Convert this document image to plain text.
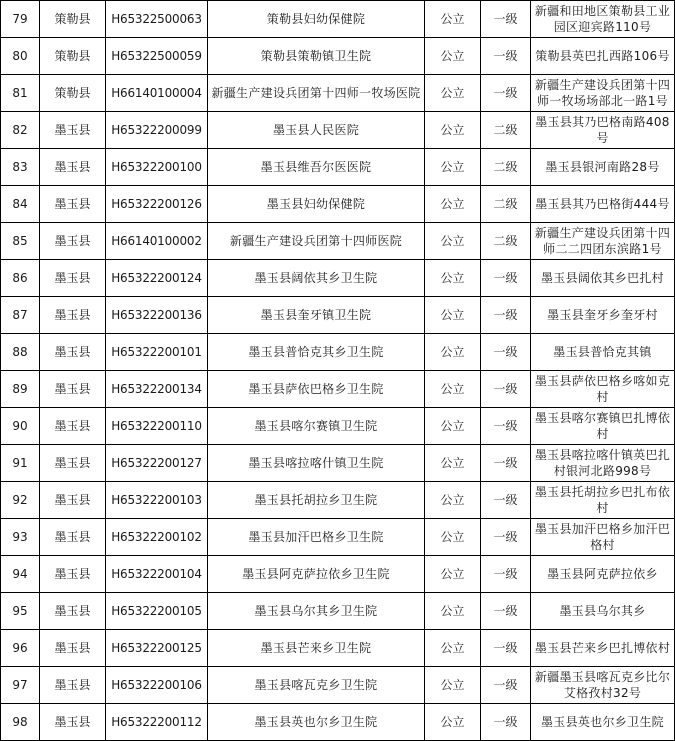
79	策勒县	H65322500063	策勒县妇幼保健院	公立	一级	新疆和田地区策勒县工业园区迎宾路110号
80	策勒县	H65322500059	策勒县策勒镇卫生院	公立	一级	策勒县英巴扎西路106号
81	策勒县	H66140100004	新疆生产建设兵团第十四师一牧场医院	公立	一级	新疆生产建设兵团第十四师一牧场场部北一路1号
82	墨玉县	H65322200099	墨玉县人民医院	公立	二级	墨玉县其乃巴格南路408号
83	墨玉县	H65322200100	墨玉县维吾尔医医院	公立	二级	墨玉县银河南路28号
84	墨玉县	H65322200126	墨玉县妇幼保健院	公立	二级	墨玉县其乃巴格街444号
85	墨玉县	H66140100002	新疆生产建设兵团第十四师医院	公立	二级	新疆生产建设兵团第十四师二二四团东滨路1号
86	墨玉县	H65322200124	墨玉县阔依其乡卫生院	公立	一级	墨玉县阔依其乡巴扎村
87	墨玉县	H65322200136	墨玉县奎牙镇卫生院	公立	一级	墨玉县奎牙乡奎牙村
88	墨玉县	H65322200101	墨玉县普恰克其乡卫生院	公立	一级	墨玉县普恰克其镇
89	墨玉县	H65322200134	墨玉县萨依巴格乡卫生院	公立	一级	墨玉县萨依巴格乡喀如克村
90	墨玉县	H65322200110	墨玉县喀尔赛镇卫生院	公立	一级	墨玉县喀尔赛镇巴扎博依村
91	墨玉县	H65322200127	墨玉县喀拉喀什镇卫生院	公立	一级	墨玉县喀拉喀什镇英巴扎村银河北路998号
92	墨玉县	H65322200103	墨玉县托胡拉乡卫生院	公立	一级	墨玉县托胡拉乡巴扎布依村
93	墨玉县	H65322200102	墨玉县加汗巴格乡卫生院	公立	一级	墨玉县加汗巴格乡加汗巴格村
94	墨玉县	H65322200104	墨玉县阿克萨拉依乡卫生院	公立	一级	墨玉县阿克萨拉依乡
95	墨玉县	H65322200105	墨玉县乌尔其乡卫生院	公立	一级	墨玉县乌尔其乡
96	墨玉县	H65322200125	墨玉县芒来乡卫生院	公立	一级	墨玉县芒来乡巴扎博依村
97	墨玉县	H65322200106	墨玉县喀瓦克乡卫生院	公立	一级	新疆墨玉县喀瓦克乡比尔艾格孜村32号
98	墨玉县	H65322200112	墨玉县英也尔乡卫生院	公立	一级	墨玉县英也尔乡卫生院
